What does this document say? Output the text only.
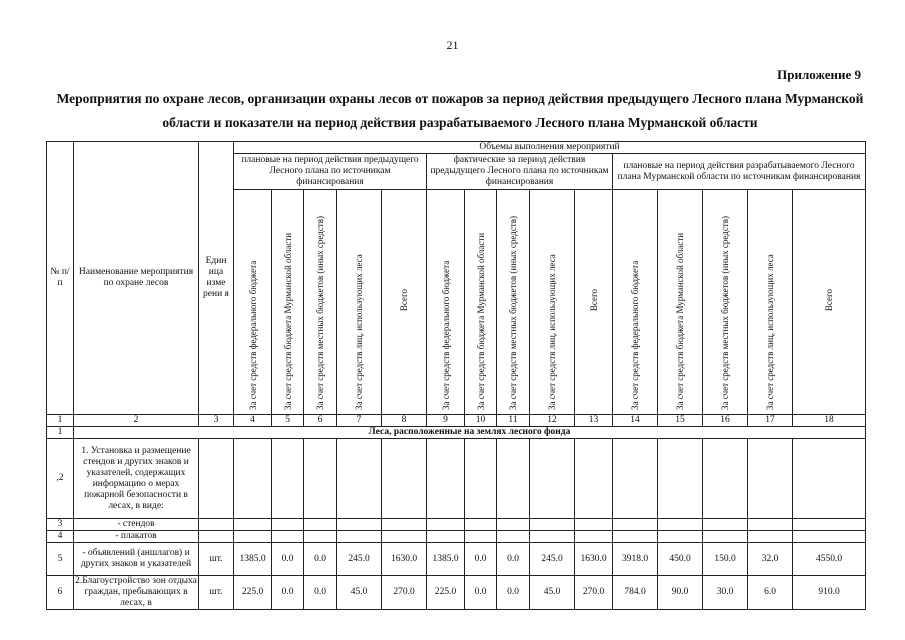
21
Приложение 9
Мероприятия по охране лесов, организации охраны лесов от пожаров за период действия предыдущего Лесного плана Мурманской
области и показатели на период действия разрабатываемого Лесного плана Мурманской области
№ п/п	Наименование мероприятия по охране лесов	Един ица изме рени я	Объемы выполнения мероприятий														
			плановые на период действия предыдущего Лесного плана по источникам финансирования					фактические за период действия предыдущего Лесного плана по источникам финансирования					плановые на период действия разрабатываемого Лесного плана Мурманской области по источникам финансирования				
			За счет средств федерального бюджета	За счет средств бюджета Мурманской области	За счет средств местных бюджетов (иных средств)	За счет средств лиц, использующих леса	Всего	За счет средств федерального бюджета	За счет средств бюджета Мурманской области	За счет средств местных бюджетов (иных средств)	За счет средств лиц, использующих леса	Всего	За счет средств федерального бюджета	За счет средств бюджета Мурманской области	За счет средств местных бюджетов (иных средств)	За счет средств лиц, использующих леса	Всего
1	2	3	4	5	6	7	8	9	10	11	12	13	14	15	16	17	18
1	Леса, расположенные на землях лесного фонда																
,2	1. Установка и размещение стендов и других знаков и указателей, содержащих информацию о мерах пожарной безопасности в лесах, в виде:																
3	- стендов																
4	- плакатов																
5	- объявлений (аншлагов) и других знаков и указателей	шт.	1385.0	0.0	0.0	245.0	1630.0	1385.0	0.0	0.0	245.0	1630.0	3918.0	450.0	150.0	32.0	4550.0
6	2.Благоустройство зон отдыха граждан, пребывающих в лесах, в	шт.	225.0	0.0	0.0	45.0	270.0	225.0	0.0	0.0	45.0	270.0	784.0	90.0	30.0	6.0	910.0
